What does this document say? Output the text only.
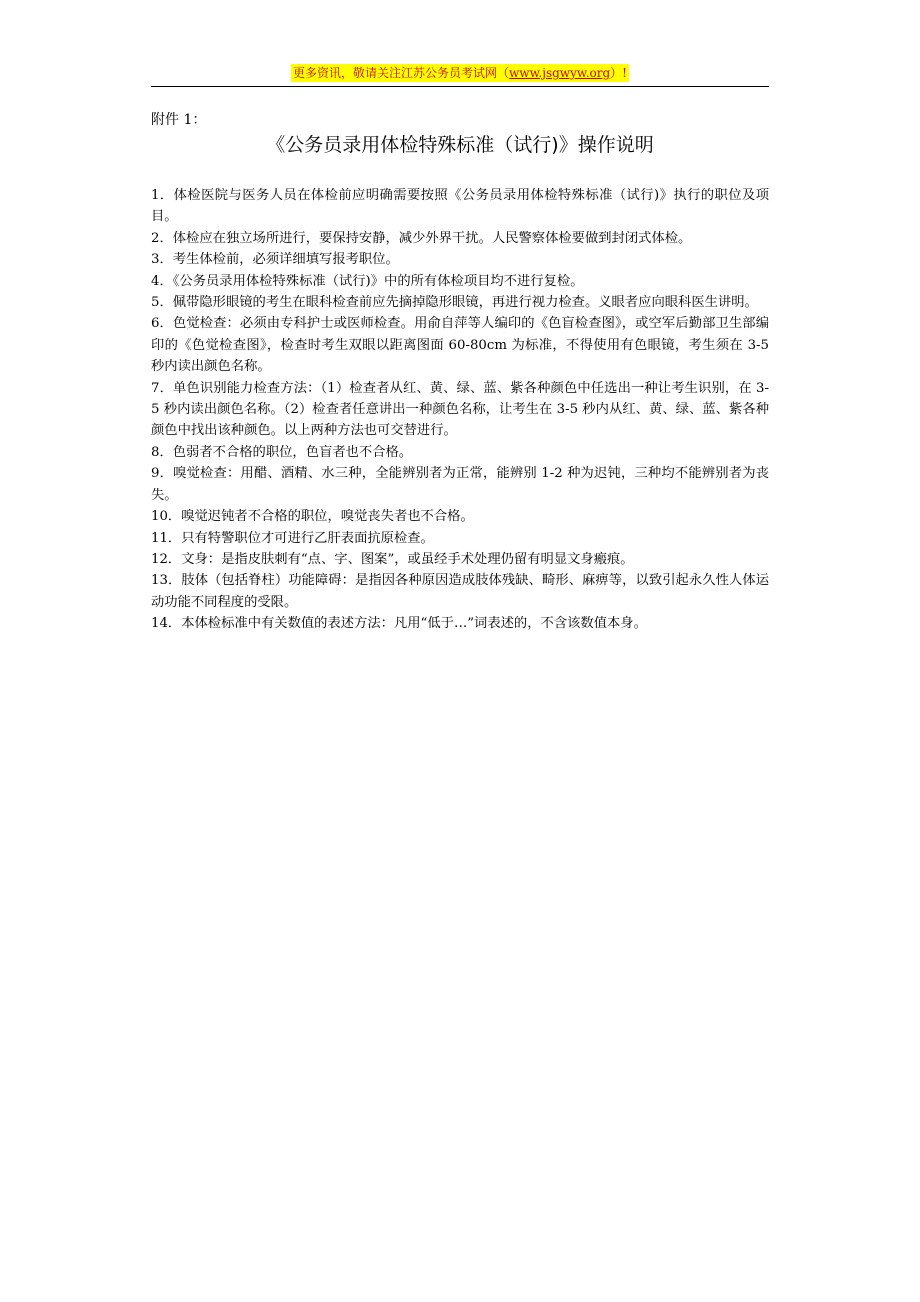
更多资讯，敬请关注江苏公务员考试网（www.jsgwyw.org）!
附件 1：
《公务员录用体检特殊标准（试行)》操作说明
1．体检医院与医务人员在体检前应明确需要按照《公务员录用体检特殊标准（试行)》执行的职位及项目。
2．体检应在独立场所进行，要保持安静，减少外界干扰。人民警察体检要做到封闭式体检。
3．考生体检前，必须详细填写报考职位。
4．《公务员录用体检特殊标准（试行)》中的所有体检项目均不进行复检。
5．佩带隐形眼镜的考生在眼科检查前应先摘掉隐形眼镜，再进行视力检查。义眼者应向眼科医生讲明。
6．色觉检查：必须由专科护士或医师检查。用俞自萍等人编印的《色盲检查图》，或空军后勤部卫生部编印的《色觉检查图》，检查时考生双眼以距离图面 60-80cm 为标准，不得使用有色眼镜，考生须在 3-5 秒内读出颜色名称。
7．单色识别能力检查方法：（1）检查者从红、黄、绿、蓝、紫各种颜色中任选出一种让考生识别，在 3-5 秒内读出颜色名称。（2）检查者任意讲出一种颜色名称，让考生在 3-5 秒内从红、黄、绿、蓝、紫各种颜色中找出该种颜色。以上两种方法也可交替进行。
8．色弱者不合格的职位，色盲者也不合格。
9．嗅觉检查：用醋、酒精、水三种，全能辨别者为正常，能辨别 1-2 种为迟钝，三种均不能辨别者为丧失。
10．嗅觉迟钝者不合格的职位，嗅觉丧失者也不合格。
11．只有特警职位才可进行乙肝表面抗原检查。
12．文身：是指皮肤刺有“点、字、图案”，或虽经手术处理仍留有明显文身瘢痕。
13．肢体（包括脊柱）功能障碍：是指因各种原因造成肢体残缺、畸形、麻痹等，以致引起永久性人体运动功能不同程度的受限。
14．本体检标准中有关数值的表述方法：凡用“低于…”词表述的，不含该数值本身。
